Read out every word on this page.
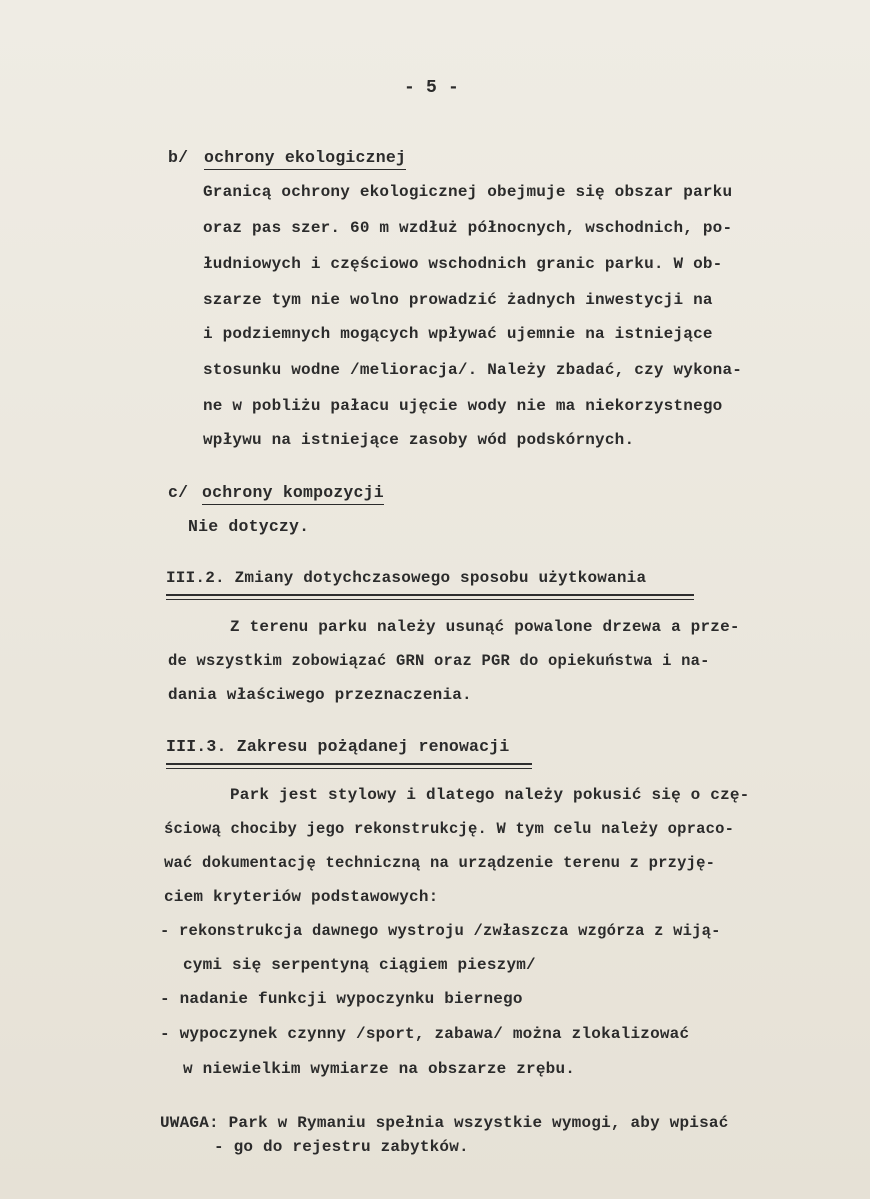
- 5 -
b/ ochrony ekologicznej
Granicą ochrony ekologicznej obejmuje się obszar parku
oraz pas szer. 60 m wzdłuż północnych, wschodnich, po-
łudniowych i częściowo wschodnich granic parku. W ob-
szarze tym nie wolno prowadzić żadnych inwestycji na
i podziemnych mogących wpływać ujemnie na istniejące
stosunku wodne /melioracja/. Należy zbadać, czy wykona-
ne w pobliżu pałacu ujęcie wody nie ma niekorzystnego
wpływu na istniejące zasoby wód podskórnych.
c/ ochrony kompozycji
Nie dotyczy.
III.2. Zmiany dotychczasowego sposobu użytkowania
Z terenu parku należy usunąć powalone drzewa a prze-
de wszystkim zobowiązać GRN oraz PGR do opiekuństwa i na-
dania właściwego przeznaczenia.
III.3. Zakresu pożądanej renowacji
Park jest stylowy i dlatego należy pokusić się o czę-
ściową chociby jego rekonstrukcję. W tym celu należy opraco-
wać dokumentację techniczną na urządzenie terenu z przyję-
ciem kryteriów podstawowych:
- rekonstrukcja dawnego wystroju /zwłaszcza wzgórza z wiją-
cymi się serpentyną ciągiem pieszym/
- nadanie funkcji wypoczynku biernego
- wypoczynek czynny /sport, zabawa/ można zlokalizować
w niewielkim wymiarze na obszarze zrębu.
UWAGA: Park w Rymaniu spełnia wszystkie wymogi, aby wpisać
- go do rejestru zabytków.
